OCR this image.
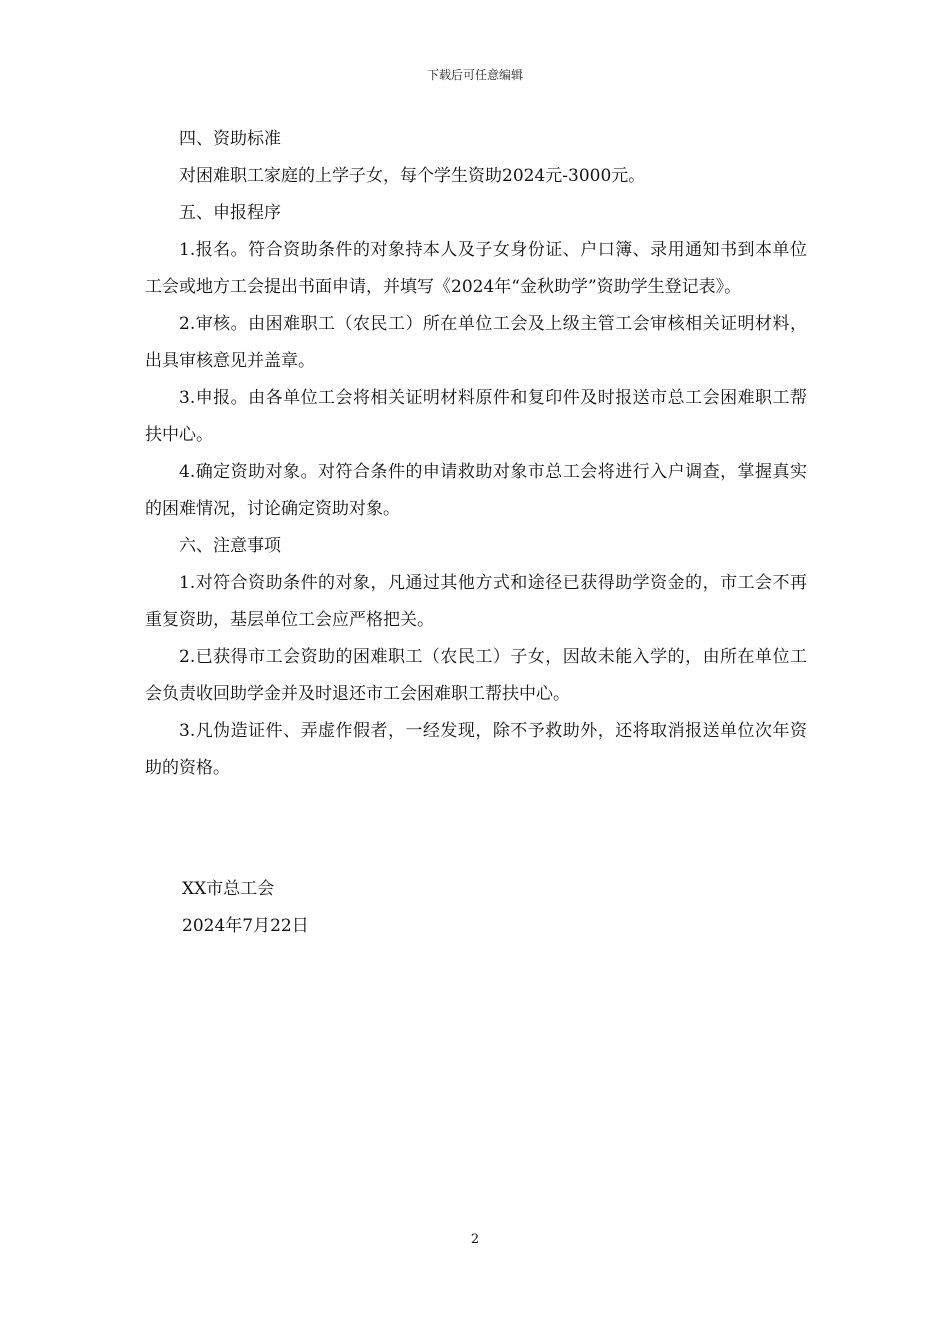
下载后可任意编辑

四、资助标准

对困难职工家庭的上学子女，每个学生资助2024元-3000元。

五、申报程序

1.报名。符合资助条件的对象持本人及子女身份证、户口簿、录用通知书到本单位工会或地方工会提出书面申请，并填写《2024年“金秋助学”资助学生登记表》。

2.审核。由困难职工（农民工）所在单位工会及上级主管工会审核相关证明材料，出具审核意见并盖章。

3.申报。由各单位工会将相关证明材料原件和复印件及时报送市总工会困难职工帮扶中心。

4.确定资助对象。对符合条件的申请救助对象市总工会将进行入户调查，掌握真实的困难情况，讨论确定资助对象。

六、注意事项

1.对符合资助条件的对象，凡通过其他方式和途径已获得助学资金的，市工会不再重复资助，基层单位工会应严格把关。

2.已获得市工会资助的困难职工（农民工）子女，因故未能入学的，由所在单位工会负责收回助学金并及时退还市工会困难职工帮扶中心。

3.凡伪造证件、弄虚作假者，一经发现，除不予救助外，还将取消报送单位次年资助的资格。

XX市总工会
2024年7月22日
2
